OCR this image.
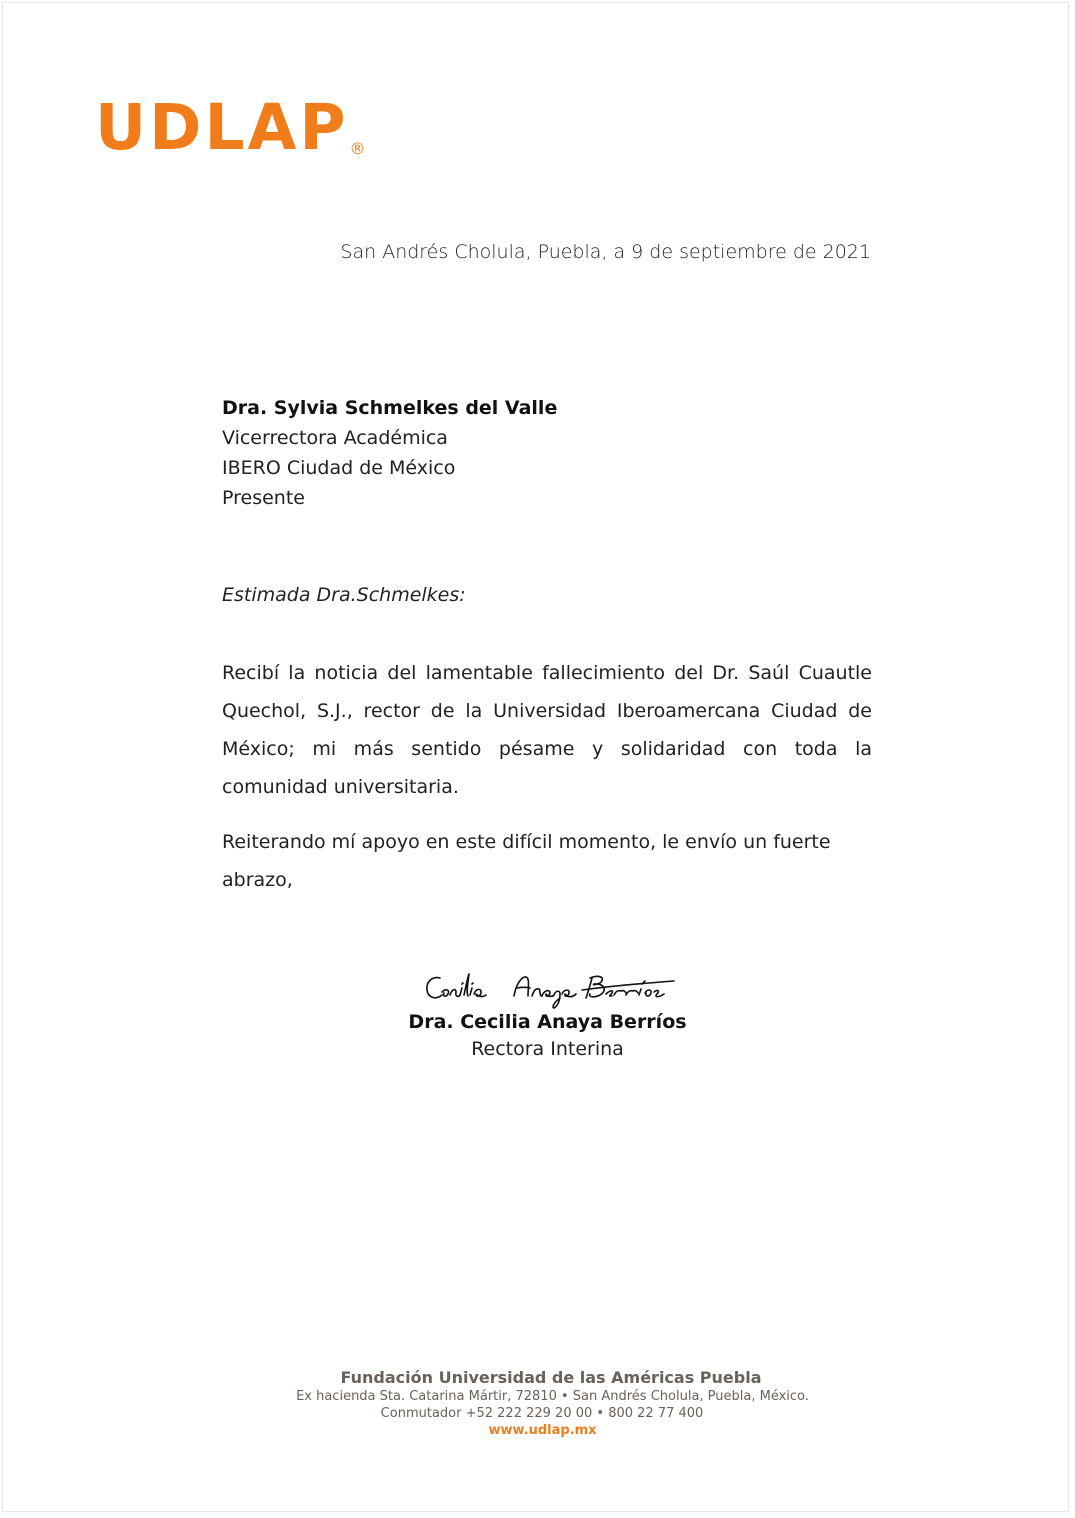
UDLAP ®
San Andrés Cholula, Puebla, a 9 de septiembre de 2021
Dra. Sylvia Schmelkes del Valle
Vicerrectora Académica
IBERO Ciudad de México
Presente
Estimada Dra.Schmelkes:

Recibí la noticia del lamentable fallecimiento del Dr. Saúl Cuautle Quechol, S.J., rector de la Universidad Iberoamercana Ciudad de México; mi más sentido pésame y solidaridad con toda la comunidad universitaria.

Reiterando mí apoyo en este difícil momento, le envío un fuerte abrazo,

Dra. Cecilia Anaya Berríos
Rectora Interina
Fundación Universidad de las Américas Puebla
Ex hacienda Sta. Catarina Mártir, 72810 • San Andrés Cholula, Puebla, México.
Conmutador +52 222 229 20 00 • 800 22 77 400
www.udlap.mx
